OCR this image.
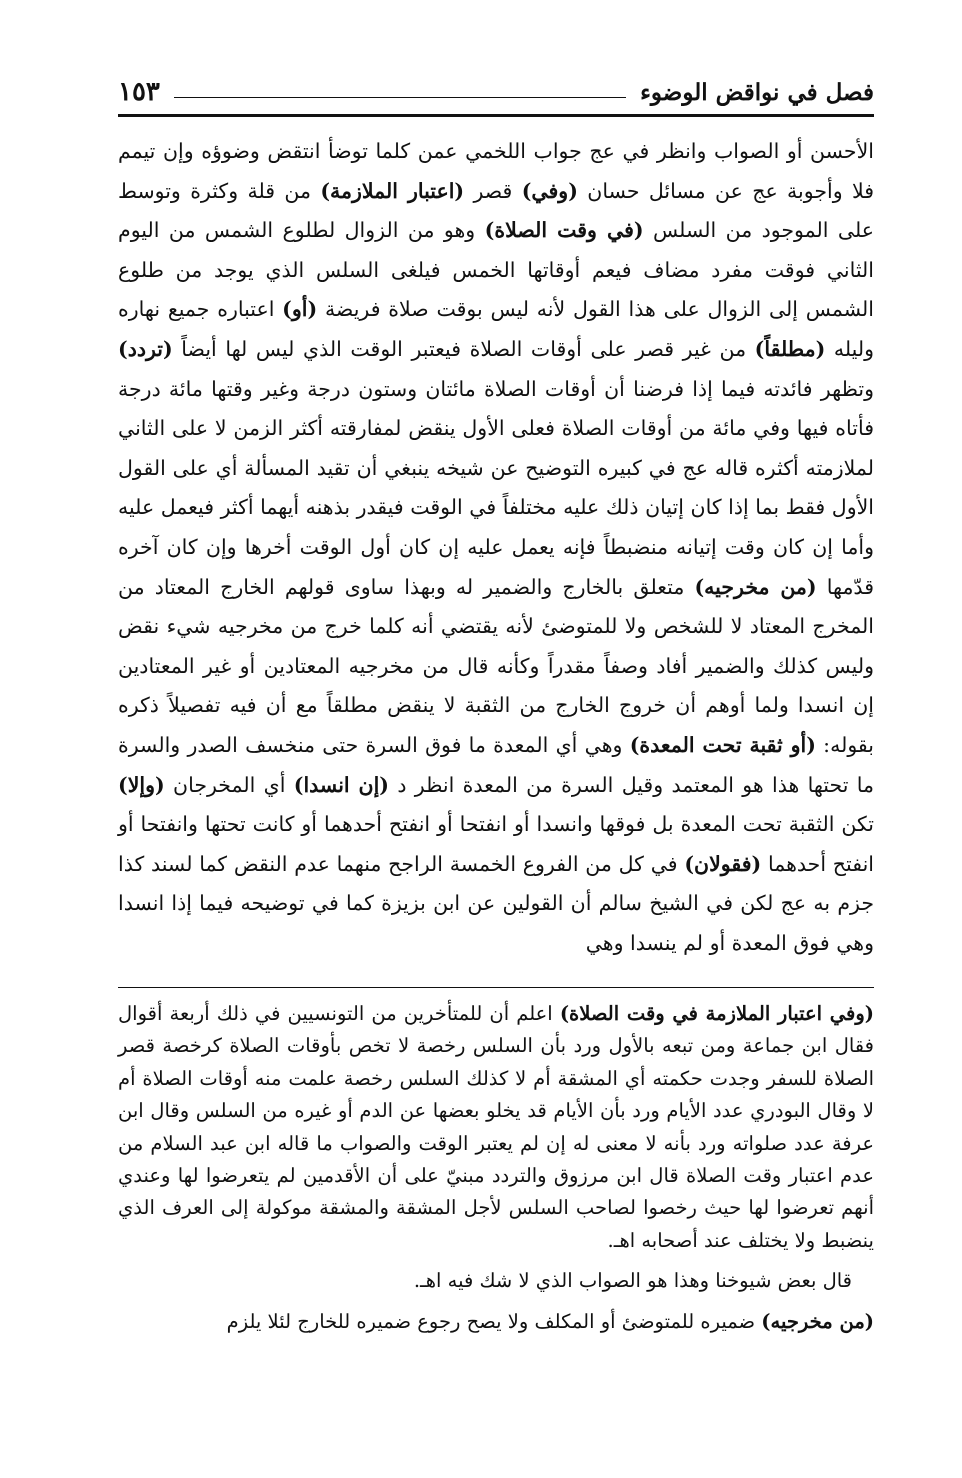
فصل في نواقض الوضوء
١٥٣

الأحسن أو الصواب وانظر في عج جواب اللخمي عمن كلما توضأ انتقض وضوؤه وإن تيمم فلا وأجوبة عج عن مسائل حسان (وفي) قصر (اعتبار الملازمة) من قلة وكثرة وتوسط على الموجود من السلس (في وقت الصلاة) وهو من الزوال لطلوع الشمس من اليوم الثاني فوقت مفرد مضاف فيعم أوقاتها الخمس فيلغى السلس الذي يوجد من طلوع الشمس إلى الزوال على هذا القول لأنه ليس بوقت صلاة فريضة (أو) اعتباره جميع نهاره وليله (مطلقاً) من غير قصر على أوقات الصلاة فيعتبر الوقت الذي ليس لها أيضاً (تردد) وتظهر فائدته فيما إذا فرضنا أن أوقات الصلاة مائتان وستون درجة وغير وقتها مائة درجة فأتاه فيها وفي مائة من أوقات الصلاة فعلى الأول ينقض لمفارقته أكثر الزمن لا على الثاني لملازمته أكثره قاله عج في كبيره التوضيح عن شيخه ينبغي أن تقيد المسألة أي على القول الأول فقط بما إذا كان إتيان ذلك عليه مختلفاً في الوقت فيقدر بذهنه أيهما أكثر فيعمل عليه وأما إن كان وقت إتيانه منضبطاً فإنه يعمل عليه إن كان أول الوقت أخرها وإن كان آخره قدّمها (من مخرجيه) متعلق بالخارج والضمير له وبهذا ساوى قولهم الخارج المعتاد من المخرج المعتاد لا للشخص ولا للمتوضئ لأنه يقتضي أنه كلما خرج من مخرجيه شيء نقض وليس كذلك والضمير أفاد وصفاً مقدراً وكأنه قال من مخرجيه المعتادين أو غير المعتادين إن انسدا ولما أوهم أن خروج الخارج من الثقبة لا ينقض مطلقاً مع أن فيه تفصيلاً ذكره بقوله: (أو ثقبة تحت المعدة) وهي أي المعدة ما فوق السرة حتى منخسف الصدر والسرة ما تحتها هذا هو المعتمد وقيل السرة من المعدة انظر د (إن انسدا) أي المخرجان (وإلا) تكن الثقبة تحت المعدة بل فوقها وانسدا أو انفتحا أو انفتح أحدهما أو كانت تحتها وانفتحا أو انفتح أحدهما (فقولان) في كل من الفروع الخمسة الراجح منهما عدم النقض كما لسند كذا جزم به عج لكن في الشيخ سالم أن القولين عن ابن بزيزة كما في توضيحه فيما إذا انسدا وهي فوق المعدة أو لم ينسدا وهي

(وفي اعتبار الملازمة في وقت الصلاة) اعلم أن للمتأخرين من التونسيين في ذلك أربعة أقوال فقال ابن جماعة ومن تبعه بالأول ورد بأن السلس رخصة لا تخص بأوقات الصلاة كرخصة قصر الصلاة للسفر وجدت حكمته أي المشقة أم لا كذلك السلس رخصة علمت منه أوقات الصلاة أم لا وقال البودري عدد الأيام ورد بأن الأيام قد يخلو بعضها عن الدم أو غيره من السلس وقال ابن عرفة عدد صلواته ورد بأنه لا معنى له إن لم يعتبر الوقت والصواب ما قاله ابن عبد السلام من عدم اعتبار وقت الصلاة قال ابن مرزوق والتردد مبنيّ على أن الأقدمين لم يتعرضوا لها وعندي أنهم تعرضوا لها حيث رخصوا لصاحب السلس لأجل المشقة والمشقة موكولة إلى العرف الذي ينضبط ولا يختلف عند أصحابه اهـ.

قال بعض شيوخنا وهذا هو الصواب الذي لا شك فيه اهـ.

(من مخرجيه) ضميره للمتوضئ أو المكلف ولا يصح رجوع ضميره للخارج لئلا يلزم
